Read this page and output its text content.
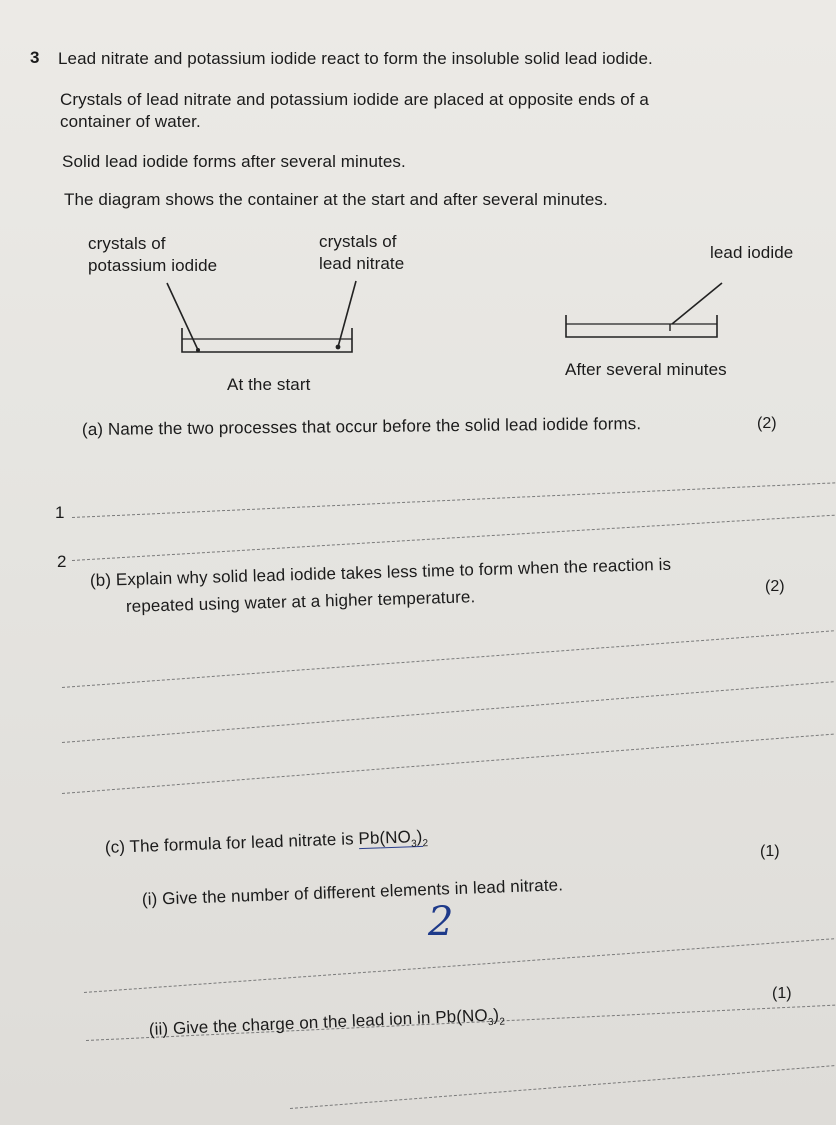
3 Lead nitrate and potassium iodide react to form the insoluble solid lead iodide.
Crystals of lead nitrate and potassium iodide are placed at opposite ends of a
container of water.
Solid lead iodide forms after several minutes.
The diagram shows the container at the start and after several minutes.
crystals of
potassium iodide
crystals of
lead nitrate
lead iodide
At the start
After several minutes
(a) Name the two processes that occur before the solid lead iodide forms.	(2)
1
2 (b) Explain why solid lead iodide takes less time to form when the reaction is
repeated using water at a higher temperature.
(2)
(c) The formula for lead nitrate is $Pb(NO_3)_2$	(1)
(i) Give the number of different elements in lead nitrate.
2
(1)
(ii) Give the charge on the lead ion in $Pb(NO_3)_2$
